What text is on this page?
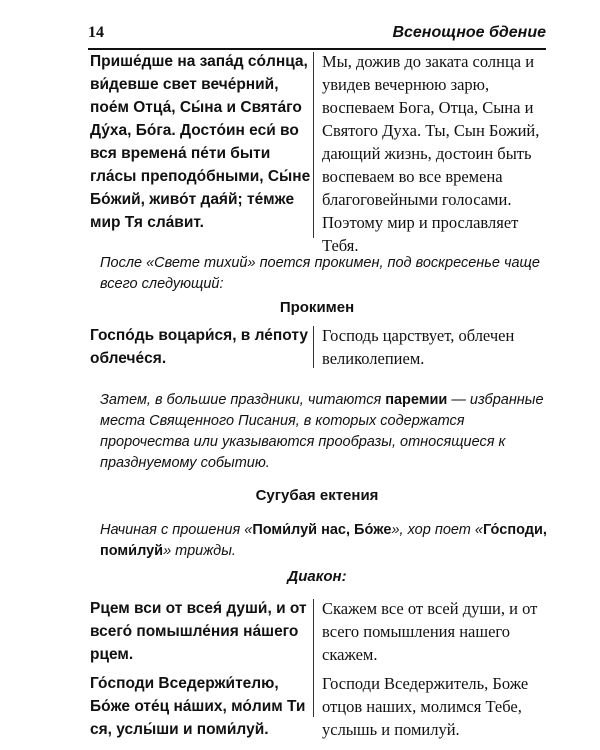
14	Всенощное бдение

Прише́дше на запа́д со́лнца, ви́девше свет вече́рний, пое́м Отца́, Сы́на и Свята́го Ду́ха, Бо́га. Досто́ин еси́ во вся времена́ пе́ти быти гла́сы преподо́бными, Сы́не Бо́жий, живо́т дая́й; те́мже мир Тя сла́вит.

Мы, дожив до заката солнца и увидев вечернюю зарю, воспеваем Бога, Отца, Сына и Святого Духа. Ты, Сын Божий, дающий жизнь, достоин быть воспеваем во все времена благоговейными голосами. Поэтому мир и прославляет Тебя.

После «Свете тихий» поется прокимен, под воскресенье чаще всего следующий:

Прокимен

Госпо́дь воцари́ся, в ле́поту облече́ся.

Господь царствует, облечен великолепием.

Затем, в большие праздники, читаются паремии — избранные места Священного Писания, в которых содержатся пророчества или указываются прообразы, относящиеся к празднуемому событию.

Сугубая ектения

Начиная с прошения «Поми́луй нас, Бо́же», хор поет «Го́споди, поми́луй» трижды.

Диакон:

Рцем вси от всея́ души́, и от всего́ помышле́ния на́шего рцем.

Го́споди Вседержи́телю, Бо́же оте́ц на́ших, мо́лим Ти ся, услы́ши и поми́луй.

Скажем все от всей души, и от всего помышления нашего скажем.

Господи Вседержитель, Боже отцов наших, молимся Тебе, услышь и помилуй.
